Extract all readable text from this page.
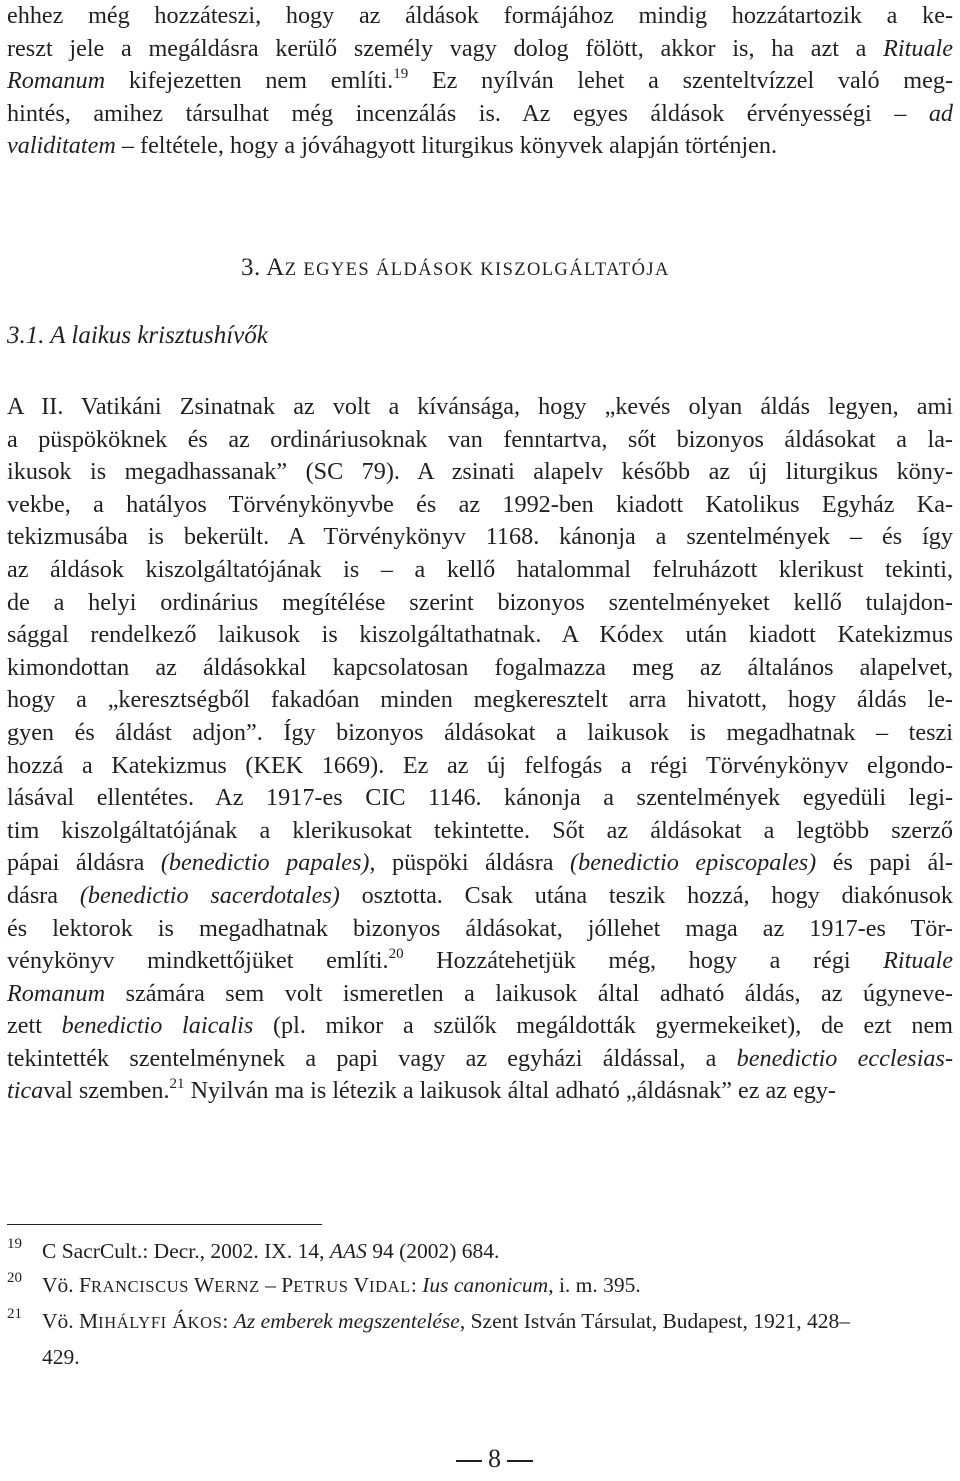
ehhez még hozzáteszi, hogy az áldások formájához mindig hozzátartozik a ke-
reszt jele a megáldásra kerülő személy vagy dolog fölött, akkor is, ha azt a Rituale
Romanum kifejezetten nem említi.$^{19}$ Ez nyílván lehet a szenteltvízzel való meg-
hintés, amihez társulhat még incenzálás is. Az egyes áldások érvényességi – ad
validitatem – feltétele, hogy a jóváhagyott liturgikus könyvek alapján történjen.

3. AZ EGYES ÁLDÁSOK KISZOLGÁLTATÓJA
3.1. A laikus krisztushívők

A II. Vatikáni Zsinatnak az volt a kívánsága, hogy „kevés olyan áldás legyen, ami
a püspököknek és az ordináriusoknak van fenntartva, sőt bizonyos áldásokat a la-
ikusok is megadhassanak” (SC 79). A zsinati alapelv később az új liturgikus köny-
vekbe, a hatályos Törvénykönyvbe és az 1992-ben kiadott Katolikus Egyház Ka-
tekizmusába is bekerült. A Törvénykönyv 1168. kánonja a szentelmények – és így
az áldások kiszolgáltatójának is – a kellő hatalommal felruházott klerikust tekinti,
de a helyi ordinárius megítélése szerint bizonyos szentelményeket kellő tulajdon-
sággal rendelkező laikusok is kiszolgáltathatnak. A Kódex után kiadott Katekizmus
kimondottan az áldásokkal kapcsolatosan fogalmazza meg az általános alapelvet,
hogy a „keresztségből fakadóan minden megkeresztelt arra hivatott, hogy áldás le-
gyen és áldást adjon”. Így bizonyos áldásokat a laikusok is megadhatnak – teszi
hozzá a Katekizmus (KEK 1669). Ez az új felfogás a régi Törvénykönyv elgondo-
lásával ellentétes. Az 1917-es CIC 1146. kánonja a szentelmények egyedüli legi-
tim kiszolgáltatójának a klerikusokat tekintette. Sőt az áldásokat a legtöbb szerző
pápai áldásra (benedictio papales), püspöki áldásra (benedictio episcopales) és papi ál-
dásra (benedictio sacerdotales) osztotta. Csak utána teszik hozzá, hogy diakónusok
és lektorok is megadhatnak bizonyos áldásokat, jóllehet maga az 1917-es Tör-
vénykönyv mindkettőjüket említi.$^{20}$ Hozzátehetjük még, hogy a régi Rituale
Romanum számára sem volt ismeretlen a laikusok által adható áldás, az úgyneve-
zett benedictio laicalis (pl. mikor a szülők megáldották gyermekeiket), de ezt nem
tekintették szentelménynek a papi vagy az egyházi áldással, a benedictio ecclesias-
ticaval szemben.$^{21}$ Nyilván ma is létezik a laikusok által adható „áldásnak” ez az egy-

19 C SacrCult.: Decr., 2002. IX. 14, AAS 94 (2002) 684.
20 Vö. FRANCISCUS WERNZ – PETRUS VIDAL: Ius canonicum, i. m. 395.
21 Vö. MIHÁLYFI ÁKOS: Az emberek megszentelése, Szent István Társulat, Budapest, 1921, 428–
429.
8
